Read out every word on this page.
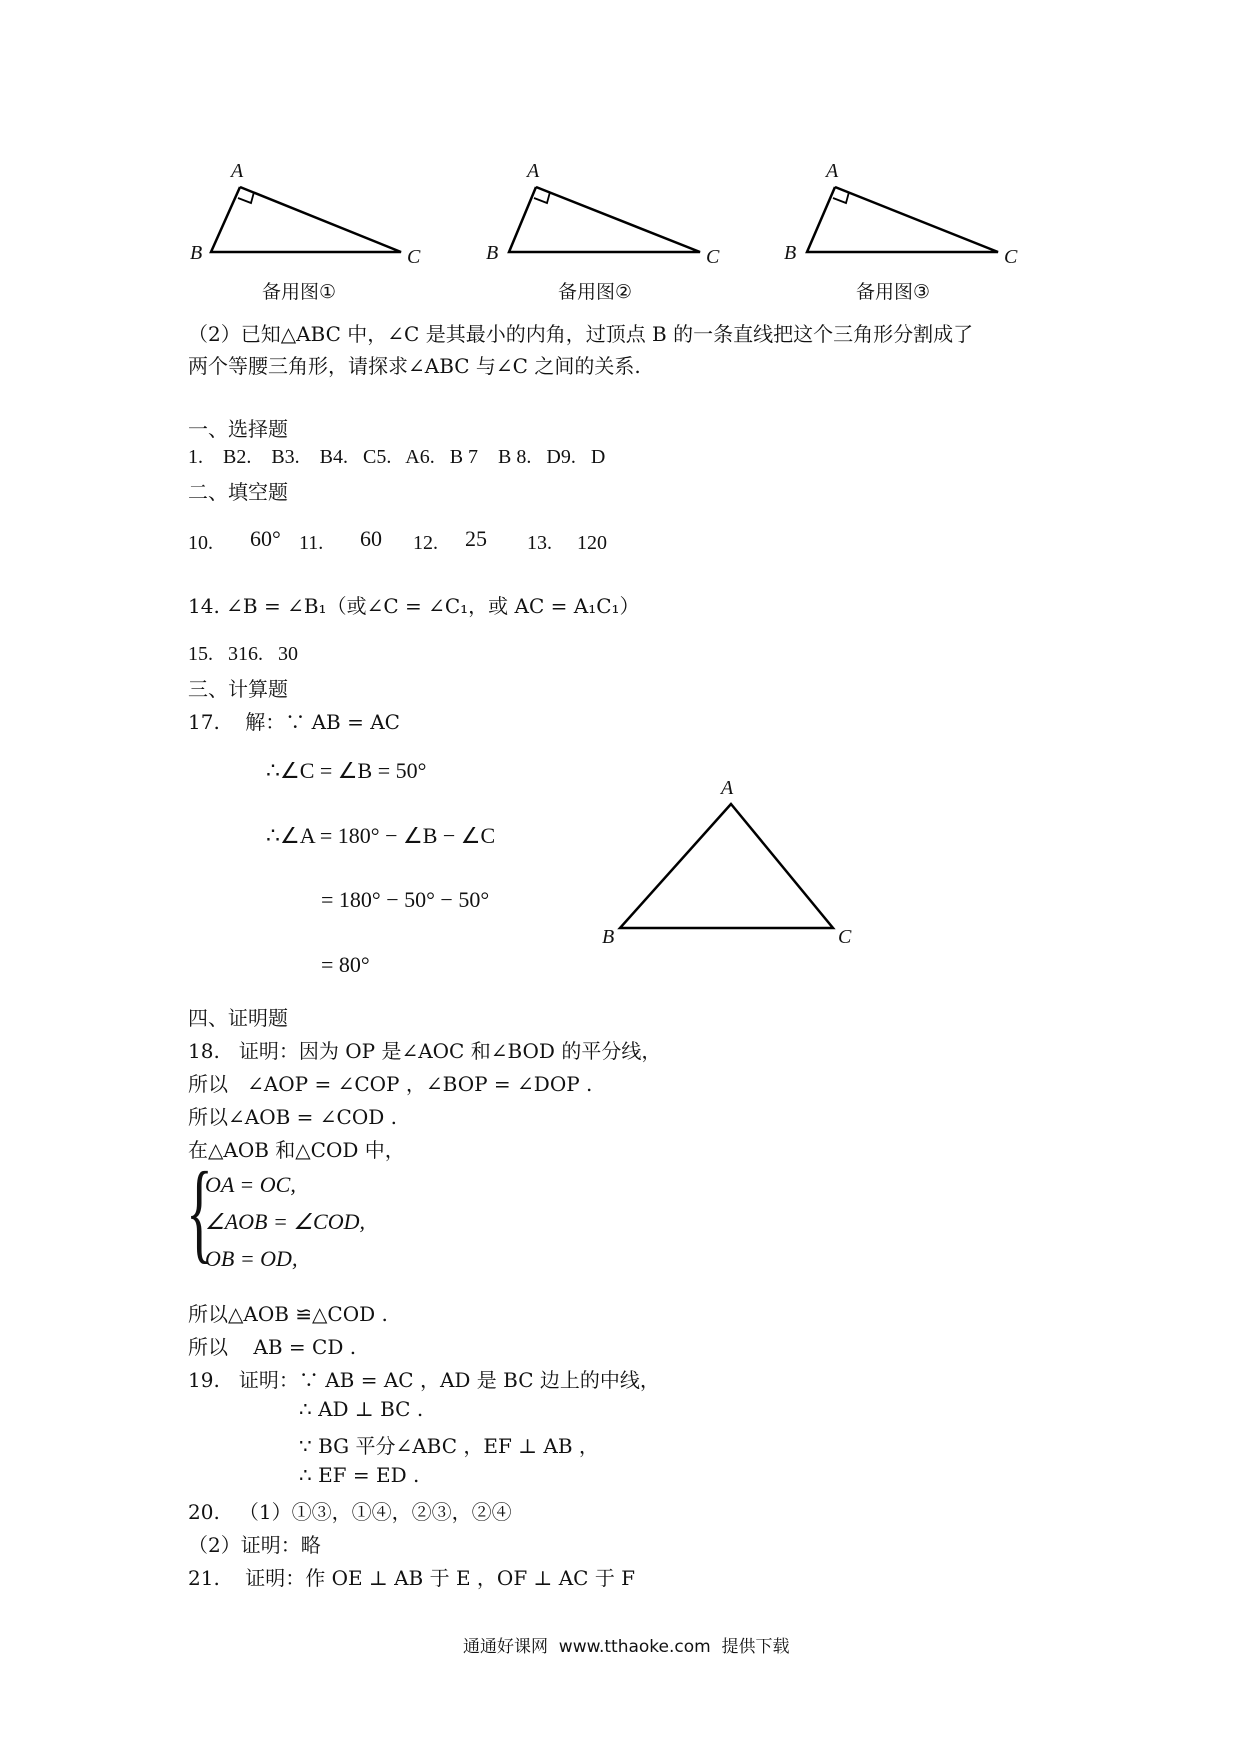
A
B	C
备用图①
A
B	C
备用图②
A
B	C
备用图③
（2）已知△ABC 中，∠C 是其最小的内角，过顶点 B 的一条直线把这个三角形分割成了
两个等腰三角形，请探求∠ABC 与∠C 之间的关系.
一、选择题
1.    B2.    B3.    B4.   C5.   A6.   B 7    B 8.   D9.   D
二、填空题
10. 60° 11. 60 12. 25 13. 120
14. ∠B = ∠B₁（或∠C = ∠C₁，或 AC = A₁C₁）
15.   316.   30
三、计算题
17.    解：∵ AB = AC
∴∠C = ∠B = 50°
∴∠A = 180° − ∠B − ∠C
= 180° − 50° − 50°
= 80°
A
B	C
四、证明题
18.   证明：因为 OP 是∠AOC 和∠BOD 的平分线，
所以   ∠AOP = ∠COP ，∠BOP = ∠DOP .
所以∠AOB = ∠COD .
在△AOB 和△COD 中，
{
OA = OC,
∠AOB = ∠COD,
OB = OD,
所以△AOB ≌△COD .
所以    AB = CD .
19.   证明：∵ AB = AC ，AD 是 BC 边上的中线，
∴ AD ⊥ BC .
∵ BG 平分∠ABC ，EF ⊥ AB ，
∴ EF = ED .
20.   （1）①③，①④，②③，②④
（2）证明：略
21.    证明：作 OE ⊥ AB 于 E ，OF ⊥ AC 于 F
通通好课网  www.tthaoke.com  提供下载
